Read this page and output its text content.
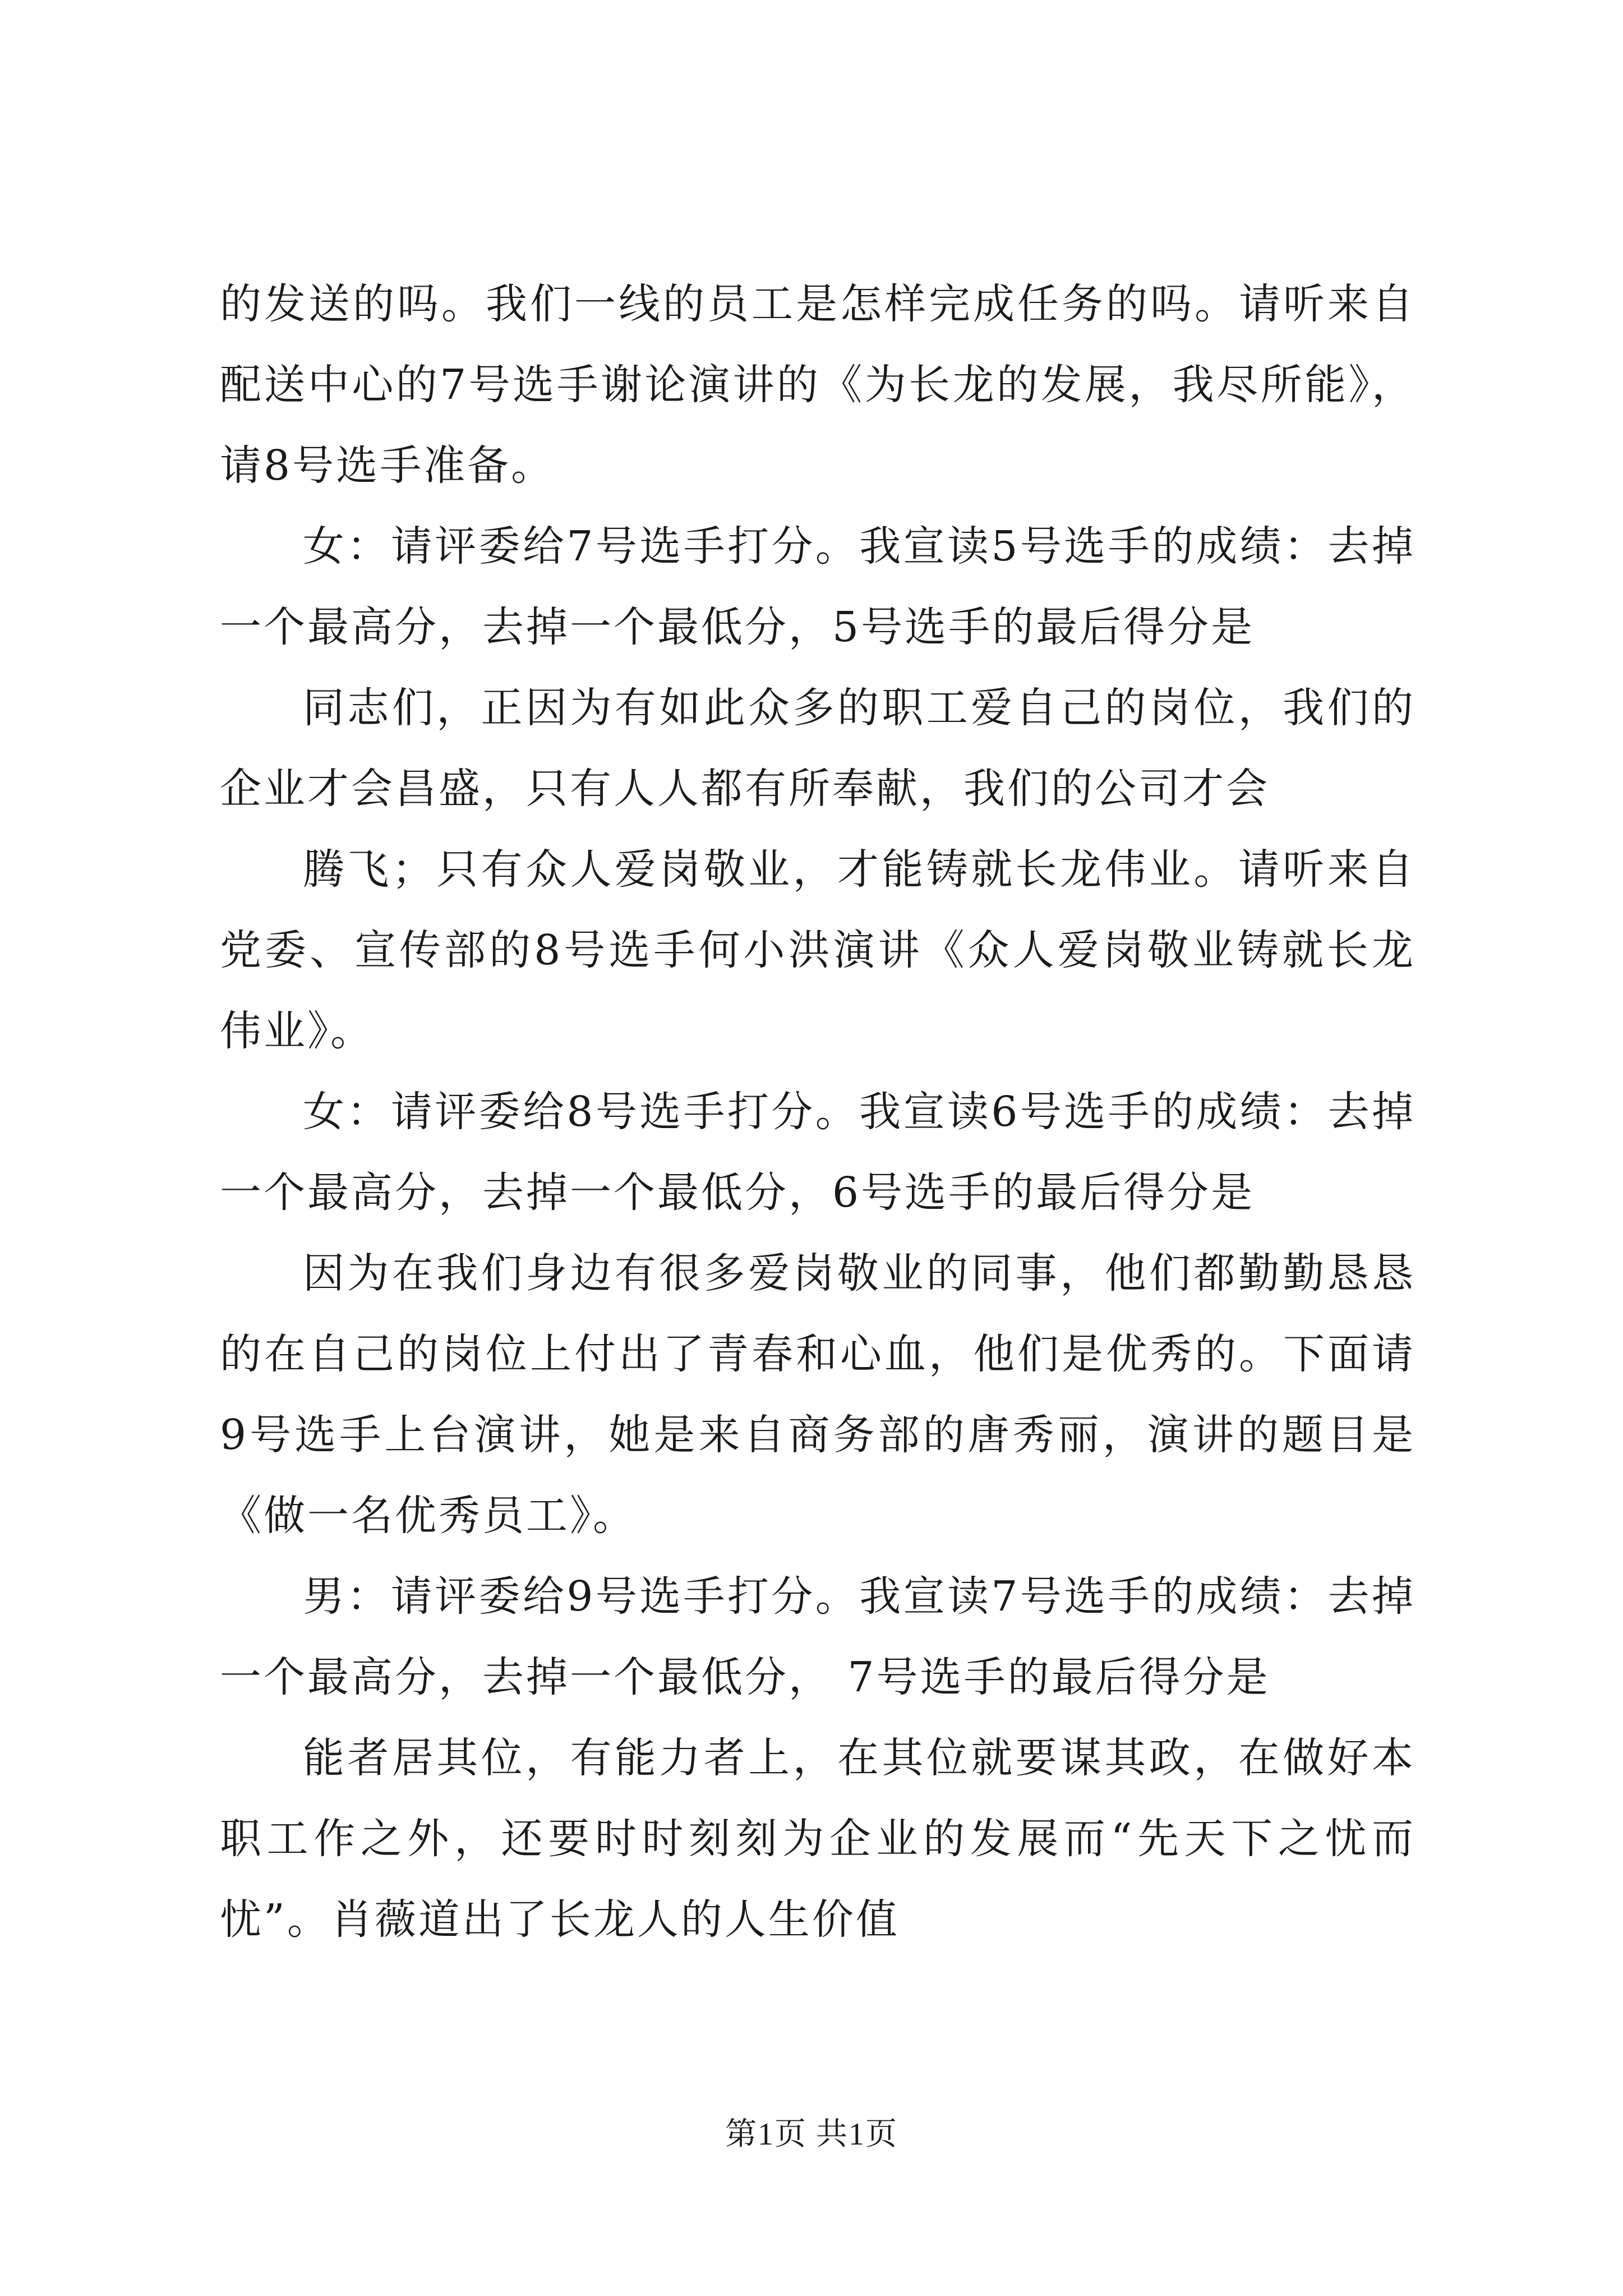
的发送的吗。我们一线的员工是怎样完成任务的吗。请听来自配送中心的7号选手谢论演讲的《为长龙的发展，我尽所能》，请8号选手准备。

女：请评委给7号选手打分。我宣读5号选手的成绩：去掉一个最高分，去掉一个最低分，5号选手的最后得分是

同志们，正因为有如此众多的职工爱自己的岗位，我们的企业才会昌盛，只有人人都有所奉献，我们的公司才会

腾飞；只有众人爱岗敬业，才能铸就长龙伟业。请听来自党委、宣传部的8号选手何小洪演讲《众人爱岗敬业铸就长龙伟业》。

女：请评委给8号选手打分。我宣读6号选手的成绩：去掉一个最高分，去掉一个最低分，6号选手的最后得分是

因为在我们身边有很多爱岗敬业的同事，他们都勤勤恳恳的在自己的岗位上付出了青春和心血，他们是优秀的。下面请9号选手上台演讲，她是来自商务部的唐秀丽，演讲的题目是《做一名优秀员工》。

男：请评委给9号选手打分。我宣读7号选手的成绩：去掉一个最高分，去掉一个最低分， 7号选手的最后得分是

能者居其位，有能力者上，在其位就要谋其政，在做好本职工作之外，还要时时刻刻为企业的发展而“先天下之忧而忧”。肖薇道出了长龙人的人生价值

第1页 共1页
